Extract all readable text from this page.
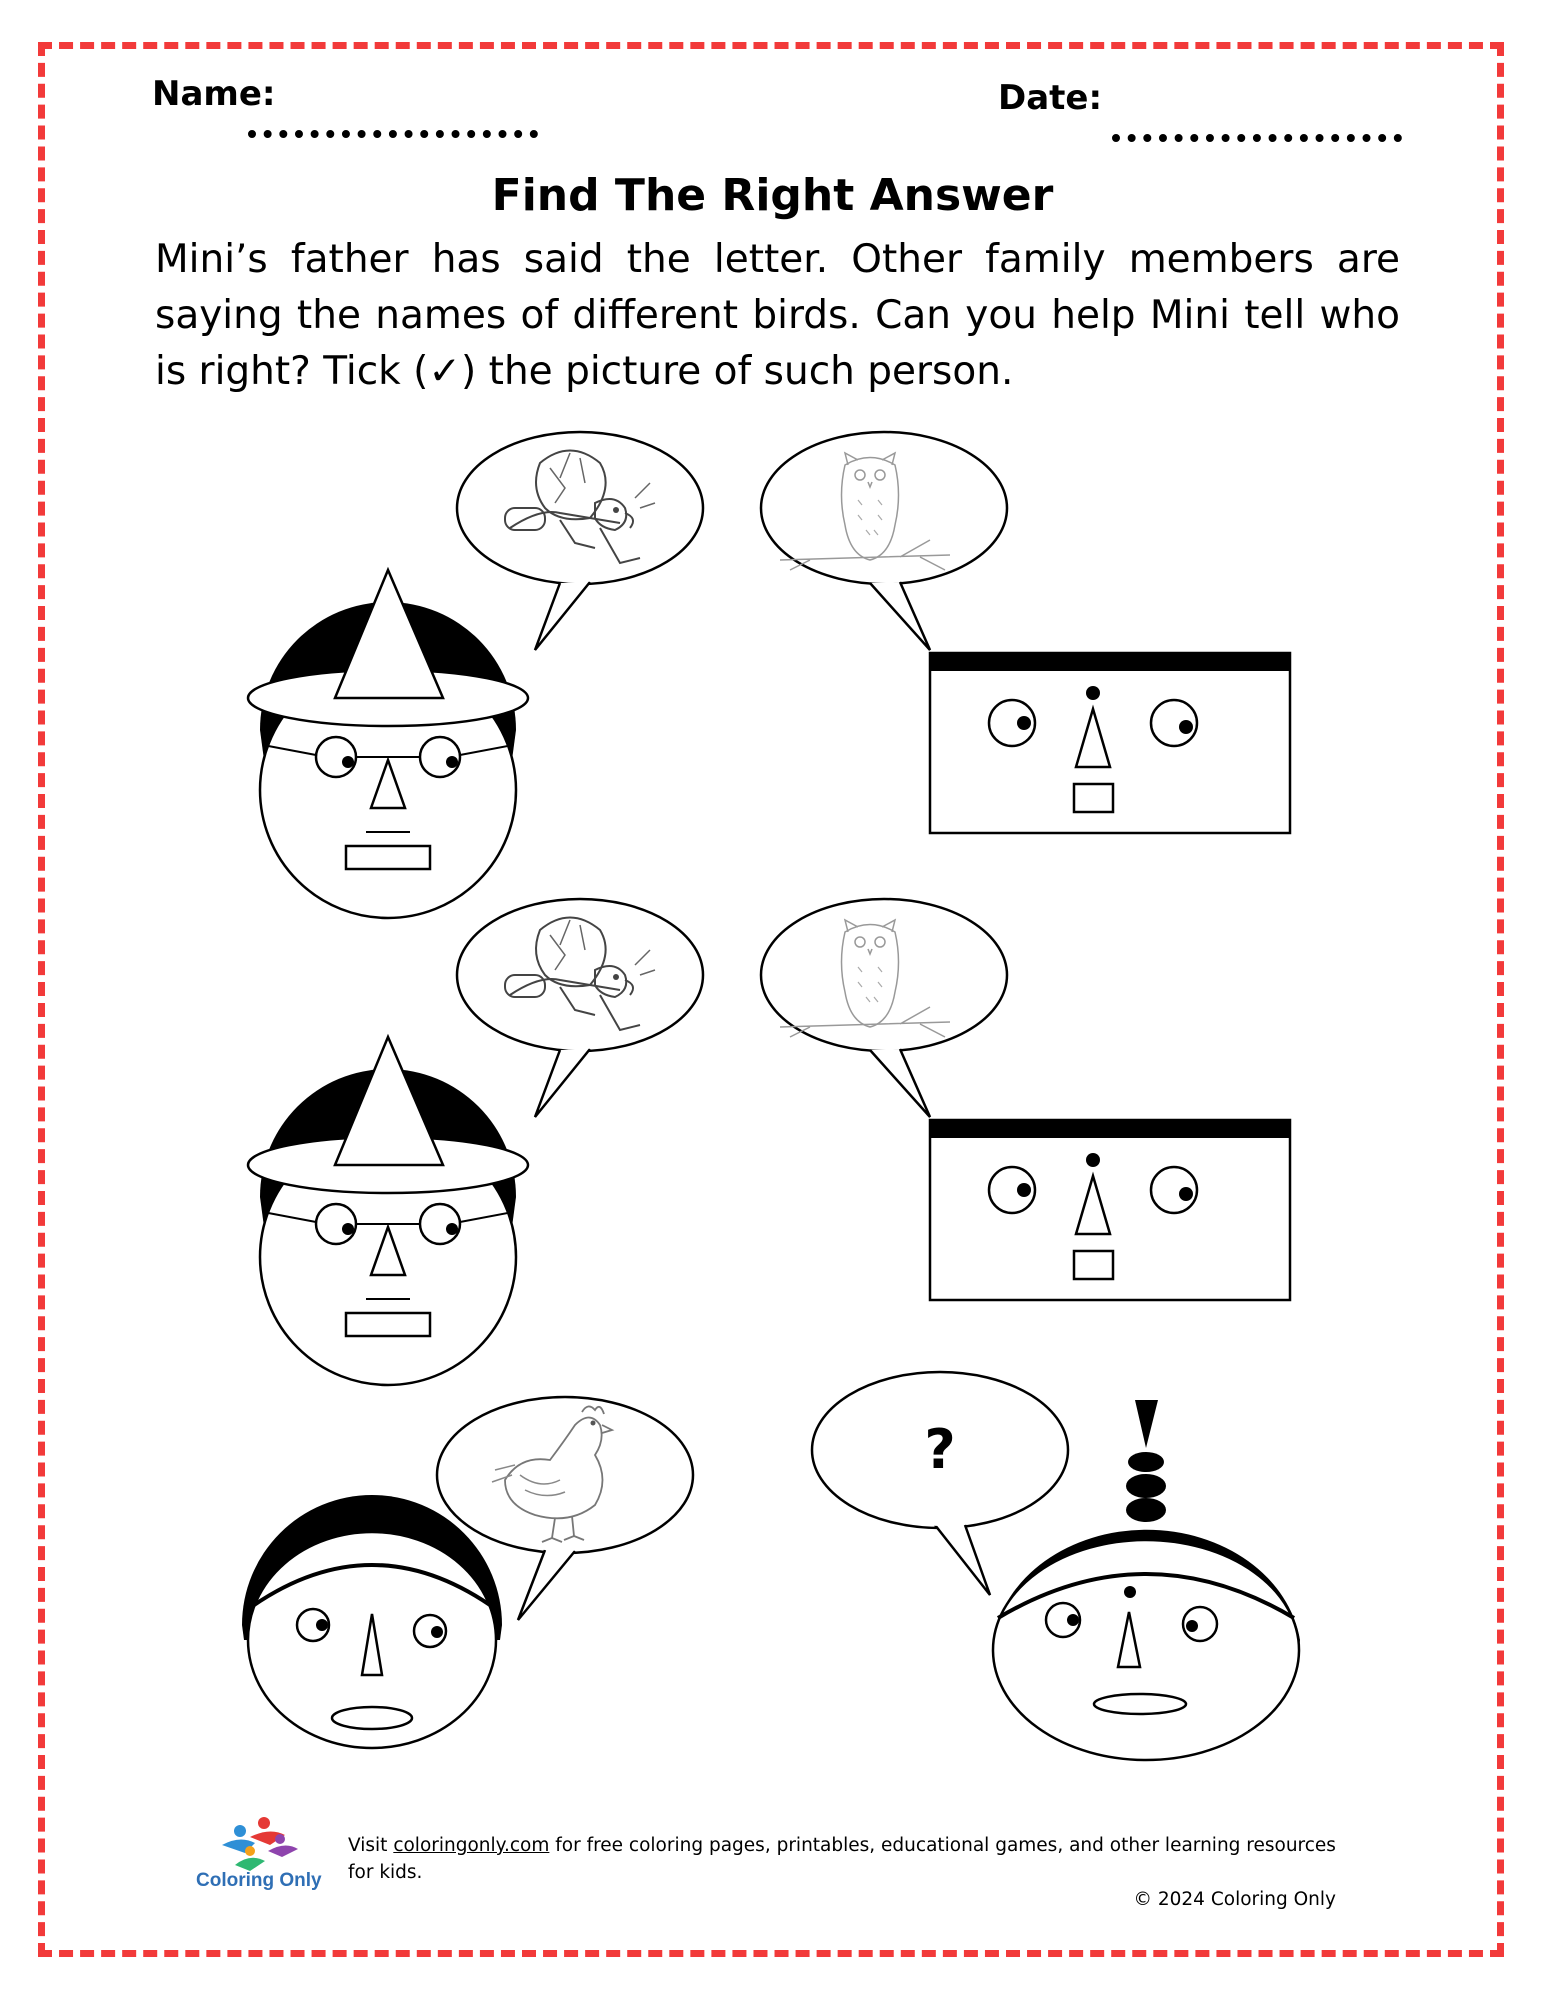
Name:	Date:
Find The Right Answer
Mini’s father has said the letter. Other family members are saying the names of different birds. Can you help Mini tell who is right? Tick (✓) the picture of such person.
?
Coloring Only
Visit coloringonly.com for free coloring pages, printables, educational games, and other learning resources for kids.
© 2024 Coloring Only
